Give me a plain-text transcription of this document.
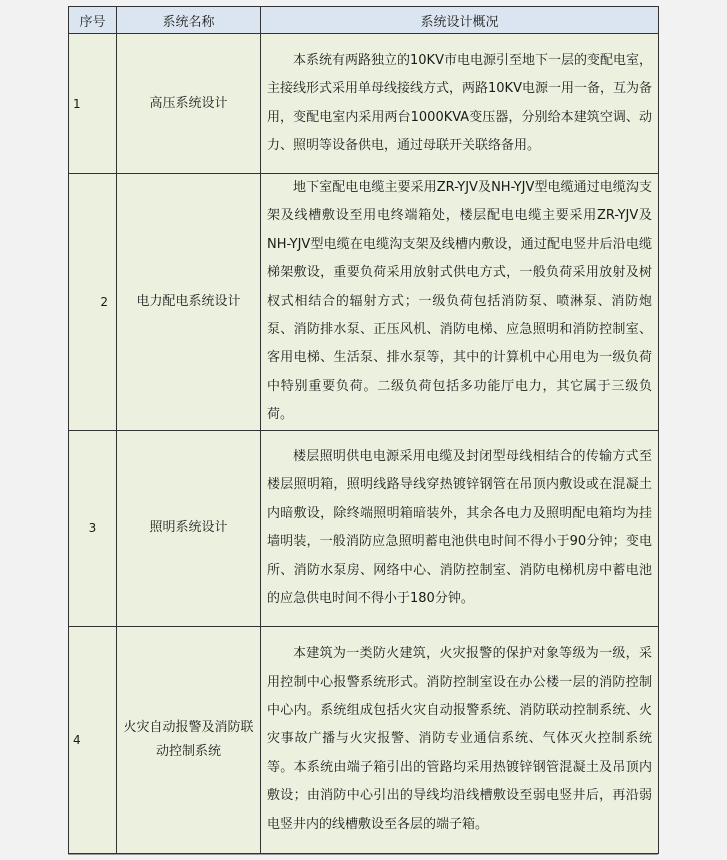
序号	系统名称	系统设计概况
1	高压系统设计	本系统有两路独立的10KV市电电源引至地下一层的变配电室，主接线形式采用单母线接线方式，两路10KV电源一用一备，互为备用，变配电室内采用两台1000KVA变压器，分别给本建筑空调、动力、照明等设备供电，通过母联开关联络备用。
2	电力配电系统设计	地下室配电电缆主要采用ZR-YJV及NH-YJV型电缆通过电缆沟支架及线槽敷设至用电终端箱处，楼层配电电缆主要采用ZR-YJV及NH-YJV型电缆在电缆沟支架及线槽内敷设，通过配电竖井后沿电缆 梯架敷设，重要负荷采用放射式供电方式，一般负荷采用放射及树杈式相结合的辐射方式；一级负荷包括消防泵、喷淋泵、消防炮泵、消防排水泵、正压风机、消防电梯、应急照明和消防控制室、客用电梯、生活泵、排水泵等，其中的计算机中心用电为一级负荷中特别重要负荷。二级负荷包括多功能厅电力，其它属于三级负荷。
3	照明系统设计	楼层照明供电电源采用电缆及封闭型母线相结合的传输方式至楼层照明箱，照明线路导线穿热镀锌钢管在吊顶内敷设或在混凝土内暗敷设，除终端照明箱暗装外，其余各电力及照明配电箱均为挂墙明装，一般消防应急照明蓄电池供电时间不得小于90分钟；变电所、消防水泵房、网络中心、消防控制室、消防电梯机房中蓄电池的应急供电时间不得小于180分钟。
4	火灾自动报警及消防联动控制系统	本建筑为一类防火建筑，火灾报警的保护对象等级为一级，采用控制中心报警系统形式。消防控制室设在办公楼一层的消防控制中心内。系统组成包括火灾自动报警系统、消防联动控制系统、火灾事故广播与火灾报警、消防专业通信系统、气体灭火控制系统等。本系统由端子箱引出的管路均采用热镀锌钢管混凝土及吊顶内敷设；由消防中心引出的导线均沿线槽敷设至弱电竖井后，再沿弱电竖井内的线槽敷设至各层的端子箱。
